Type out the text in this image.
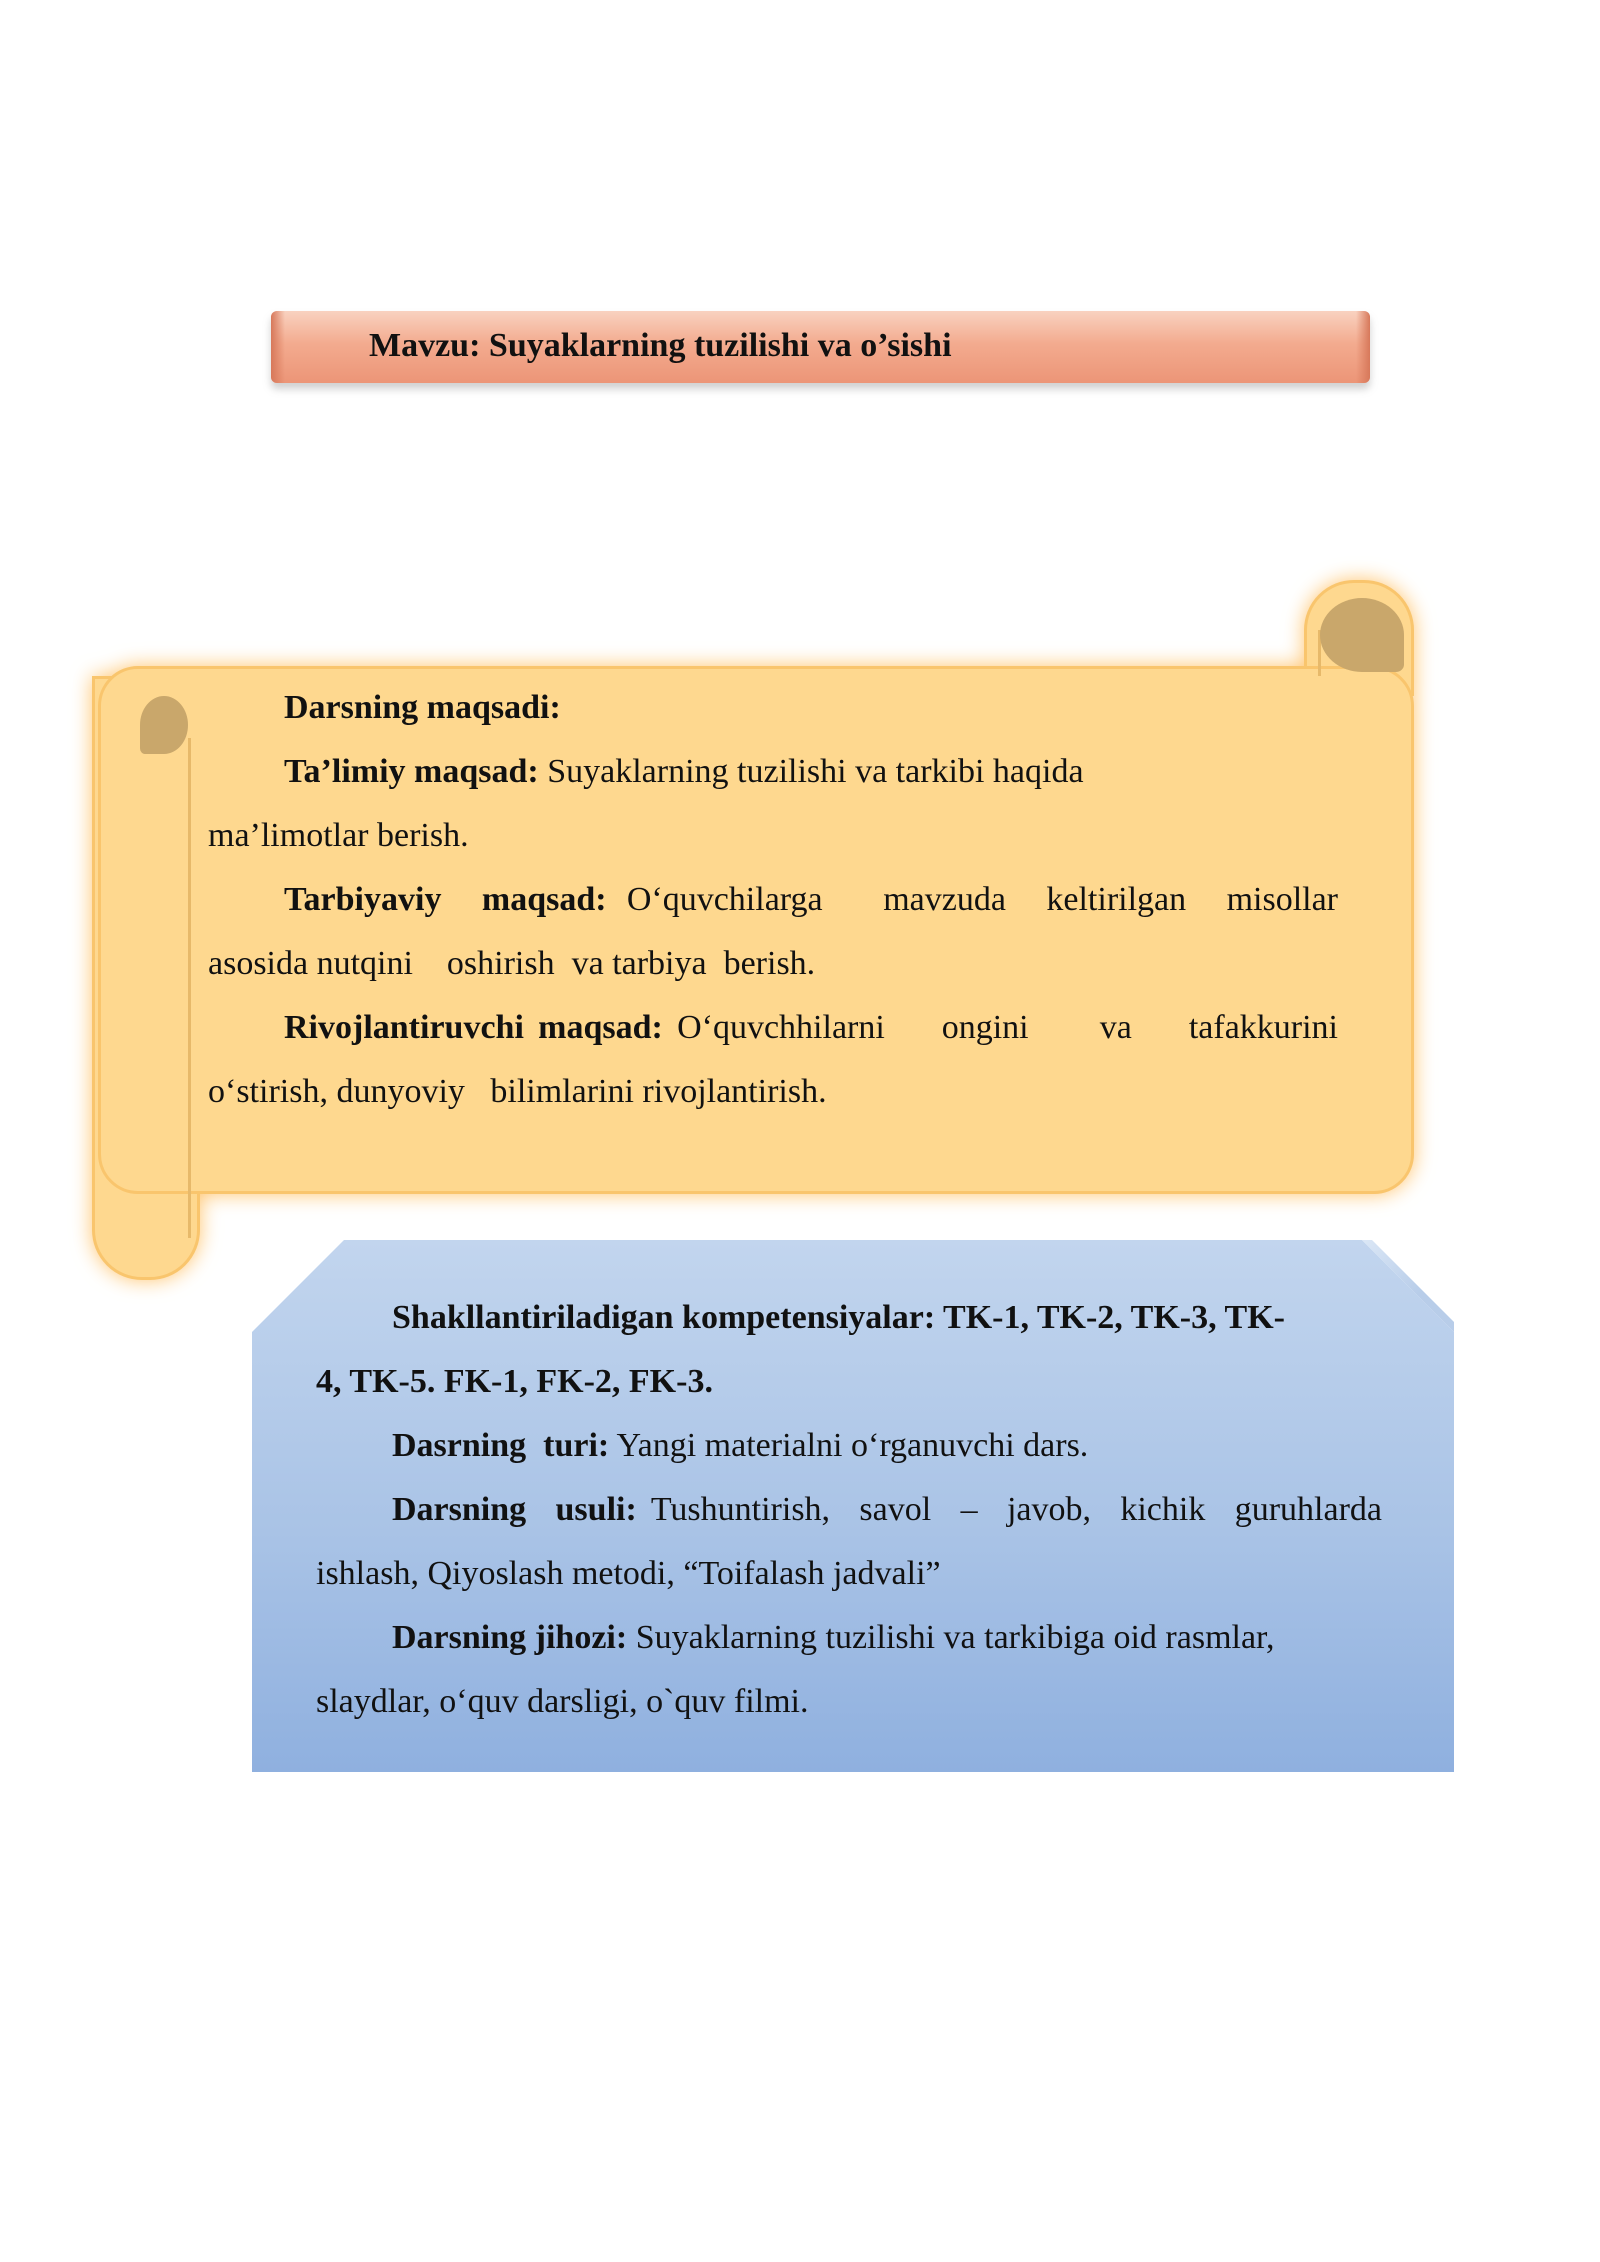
Mavzu: Suyaklarning tuzilishi va o’sishi

Darsning maqsadi:

Ta’limiy maqsad: Suyaklarning tuzilishi va tarkibi haqida

ma’limotlar berish.

Tarbiyaviy  maqsad: O‘quvchilarga   mavzuda  keltirilgan  misollar

asosida nutqini    oshirish  va tarbiya  berish.

Rivojlantiruvchi maqsad: O‘quvchhilarni    ongini     va    tafakkurini

o‘stirish, dunyoviy   bilimlarini rivojlantirish.

Shakllantiriladigan kompetensiyalar: TK-1, TK-2, TK-3, TK-

4, TK-5. FK-1, FK-2, FK-3.

Dasrning  turi: Yangi materialni o‘rganuvchi dars.

Darsning  usuli: Tushuntirish,  savol  –  javob,  kichik  guruhlarda

ishlash, Qiyoslash metodi, “Toifalash jadvali”

Darsning jihozi: Suyaklarning tuzilishi va tarkibiga oid rasmlar,

slaydlar, o‘quv darsligi, o`quv filmi.
